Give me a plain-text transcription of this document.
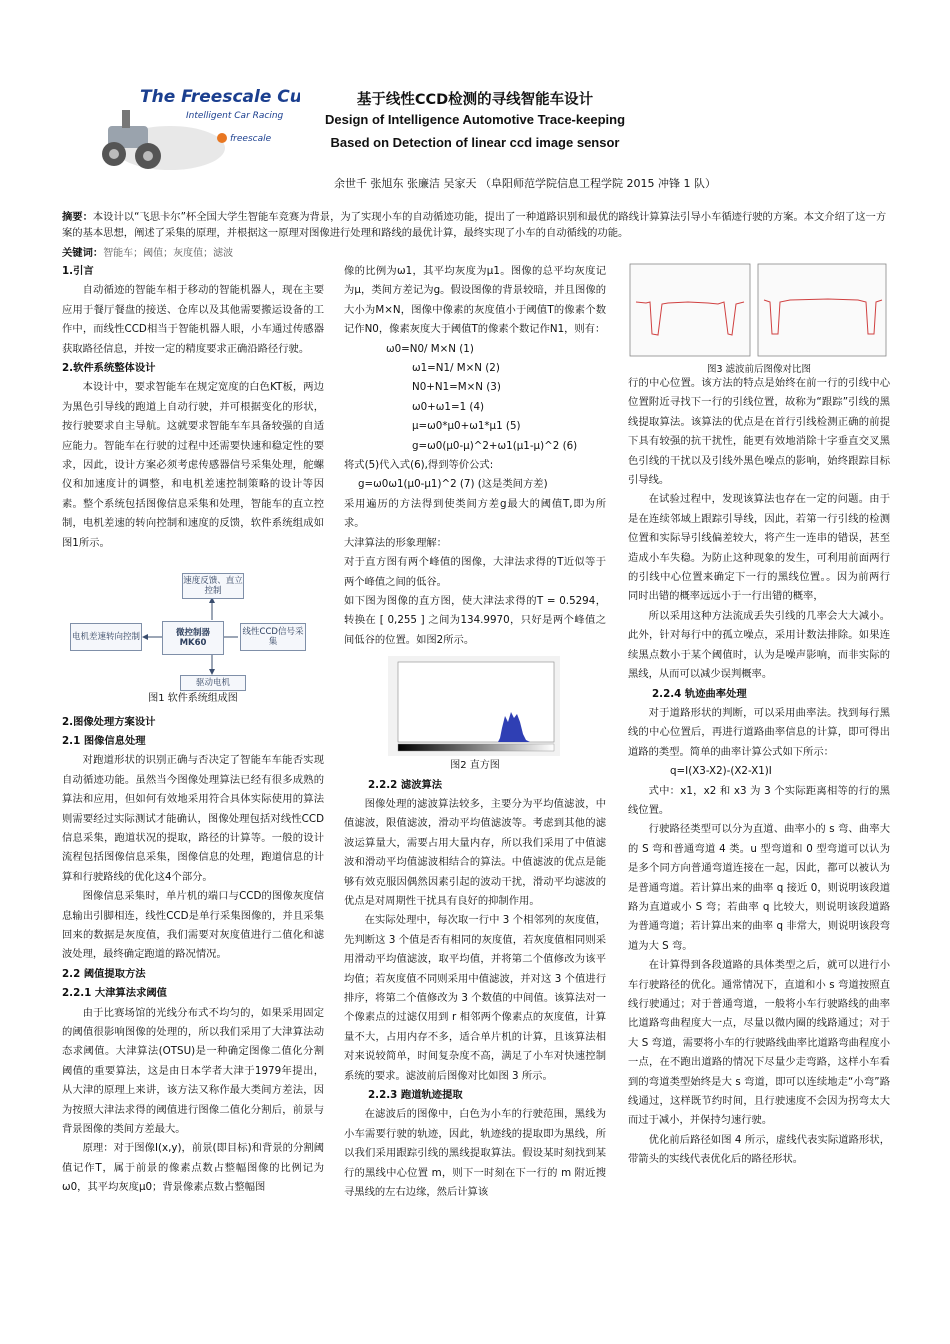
The Freescale Cup
Intelligent Car Racing
freescale
基于线性CCD检测的寻线智能车设计
Design of Intelligence Automotive Trace-keeping
Based on Detection of linear ccd image sensor
余世千 张旭东 张廉洁 吴家天 （阜阳师范学院信息工程学院 2015 冲锋 1 队）
摘要：本设计以“飞思卡尔”杯全国大学生智能车竞赛为背景，为了实现小车的自动循迹功能，提出了一种道路识别和最优的路线计算算法引导小车循迹行驶的方案。本文介绍了这一方案的基本思想，阐述了采集的原理，并根据这一原理对图像进行处理和路线的最优计算，最终实现了小车的自动循线的功能。
关键词：智能车；阈值；灰度值；滤波

1.引言

自动循迹的智能车相于移动的智能机器人，现在主要应用于餐厅餐盘的接送、仓库以及其他需要搬运设备的工作中，而线性CCD相当于智能机器人眼，小车通过传感器获取路径信息，并按一定的精度要求正确沿路径行驶。

2.软件系统整体设计

本设计中，要求智能车在规定宽度的白色KT板，两边为黑色引导线的跑道上自动行驶，并可根据变化的形状，按行驶要求自主导航。这就要求智能车车具备较强的自适应能力。智能车在行驶的过程中还需要快速和稳定性的要求，因此，设计方案必须考虑传感器信号采集处理，舵螺仪和加速度计的调整，和电机差速控制策略的设计等因素。整个系统包括图像信息采集和处理，智能车的直立控制，电机差速的转向控制和速度的反馈，软件系统组成如图1所示。

速度反馈、直立控制
电机差速转向控制	微控制器MK60
线性CCD信号采集
驱动电机

图1 软件系统组成图

2.图像处理方案设计

2.1 图像信息处理

对跑道形状的识别正确与否决定了智能车车能否实现自动循迹功能。虽然当今图像处理算法已经有很多成熟的算法和应用，但如何有效地采用符合具体实际使用的算法则需要经过实际测试才能确认，图像处理包括对线性CCD信息采集，跑道状况的提取，路径的计算等。一般的设计流程包括图像信息采集，图像信息的处理，跑道信息的计算和行驶路线的优化这4个部分。

图像信息采集时，单片机的端口与CCD的图像灰度信息输出引脚相连，线性CCD是单行采集图像的，并且采集回来的数据是灰度值，我们需要对灰度值进行二值化和滤波处理，最终确定跑道的路况情况。

2.2 阈值提取方法

2.2.1 大津算法求阈值

由于比赛场馆的光线分布式不均匀的，如果采用固定的阈值很影响图像的处理的，所以我们采用了大津算法动态求阈值。大津算法(OTSU)是一种确定图像二值化分割阈值的重要算法，这是由日本学者大津于1979年提出，从大津的原理上来讲，该方法又称作最大类间方差法，因为按照大津法求得的阈值进行图像二值化分割后，前景与背景图像的类间方差最大。

原理：对于图像I(x,y)，前景(即目标)和背景的分割阈值记作T，属于前景的像素点数占整幅图像的比例记为ω0，其平均灰度μ0；背景像素点数占整幅图

像的比例为ω1，其平均灰度为μ1。图像的总平均灰度记为μ，类间方差记为g。假设图像的背景较暗，并且图像的大小为M×N，图像中像素的灰度值小于阈值T的像素个数记作N0，像素灰度大于阈值T的像素个数记作N1，则有：

ω0=N0/ M×N (1)

ω1=N1/ M×N (2)

N0+N1=M×N (3)

ω0+ω1=1 (4)

μ=ω0*μ0+ω1*μ1 (5)

g=ω0(μ0-μ)^2+ω1(μ1-μ)^2 (6)

将式(5)代入式(6),得到等价公式:

g=ω0ω1(μ0-μ1)^2 (7) (这是类间方差)

采用遍历的方法得到使类间方差g最大的阈值T,即为所求。

大津算法的形象理解：

对于直方图有两个峰值的图像，大津法求得的T近似等于两个峰值之间的低谷。

如下图为图像的直方图，使大津法求得的T = 0.5294，转换在 [ 0,255 ] 之间为134.9970，只好是两个峰值之间低谷的位置。如图2所示。

图2 直方图

2.2.2 滤波算法

图像处理的滤波算法较多，主要分为平均值滤波，中值滤波，限值滤波，滑动平均值滤波等。考虑到其他的滤波运算量大，需要占用大量内存，所以我们采用了中值滤波和滑动平均值滤波相结合的算法。中值滤波的优点是能够有效克服因偶然因素引起的波动干扰，滑动平均滤波的优点是对周期性干扰具有良好的抑制作用。

在实际处理中，每次取一行中 3 个相邻列的灰度值，先判断这 3 个值是否有相同的灰度值，若灰度值相同则采用滑动平均值滤波，取平均值，并将第二个值修改为该平均值；若灰度值不同则采用中值滤波，并对这 3 个值进行排序，将第二个值修改为 3 个数值的中间值。该算法对一个像素点的过滤仅用到 r 相邻两个像素点的灰度值，计算量不大，占用内存不多，适合单片机的计算，且该算法相对来说较简单，时间复杂度不高，满足了小车对快速控制系统的要求。滤波前后图像对比如图 3 所示。

2.2.3 跑道轨迹提取

在滤波后的图像中，白色为小车的行驶范围，黑线为小车需要行驶的轨迹，因此，轨迹线的提取即为黑线，所以我们采用跟踪引线的黑线提取算法。假设某时刻找到某行的黑线中心位置 m，则下一时刻在下一行的 m 附近搜寻黑线的左右边缘，然后计算该

图3 滤波前后图像对比图

行的中心位置。该方法的特点是始终在前一行的引线中心位置附近寻找下一行的引线位置，故称为“跟踪”引线的黑线提取算法。该算法的优点是在首行引线检测正确的前提下具有较强的抗干扰性，能更有效地消除十字垂直交叉黑色引线的干扰以及引线外黑色噪点的影响，始终跟踪目标引导线。

在试验过程中，发现该算法也存在一定的问题。由于是在连续邻域上跟踪引导线，因此，若第一行引线的检测位置和实际导引线偏差较大，将产生一连串的错误，甚至造成小车失稳。为防止这种现象的发生，可利用前面两行的引线中心位置来确定下一行的黑线位置。。因为前两行同时出错的概率远远小于一行出错的概率，

所以采用这种方法流成丢失引线的几率会大大减小。此外，针对每行中的孤立噪点，采用计数法排除。如果连续黑点数小于某个阈值时，认为是噪声影响，而非实际的黑线，从而可以减少误判概率。

2.2.4 轨迹曲率处理

对于道路形状的判断，可以采用曲率法。找到每行黑线的中心位置后，再进行道路曲率信息的计算，即可得出道路的类型。简单的曲率计算公式如下所示：

q=I(X3-X2)-(X2-X1)I

式中：x1，x2 和 x3 为 3 个实际距离相等的行的黑线位置。

行驶路径类型可以分为直道、曲率小的 s 弯、曲率大的 S 弯和普通弯道 4 类。u 型弯道和 0 型弯道可以认为是多个同方向普通弯道连接在一起，因此，都可以被认为是普通弯道。若计算出来的曲率 q 接近 0，则说明该段道路为直道或小 S 弯；若曲率 q 比较大，则说明该段道路为普通弯道；若计算出来的曲率 q 非常大，则说明该段弯道为大 S 弯。

在计算得到各段道路的具体类型之后，就可以进行小车行驶路径的优化。通常情况下，直道和小 s 弯道按照直线行驶通过；对于普通弯道，一般将小车行驶路线的曲率比道路弯曲程度大一点，尽量以微内圈的线路通过；对于大 S 弯道，需要将小车的行驶路线曲率比道路弯曲程度小一点，在不跑出道路的情况下尽量少走弯路，这样小车看到的弯道类型始终是大 s 弯道，即可以连续地走“小弯”路线通过，这样既节约时间，且行驶速度不会因为拐弯太大而过于减小，并保持匀速行驶。

优化前后路径如图 4 所示，虚线代表实际道路形状，带箭头的实线代表优化后的路径形状。
